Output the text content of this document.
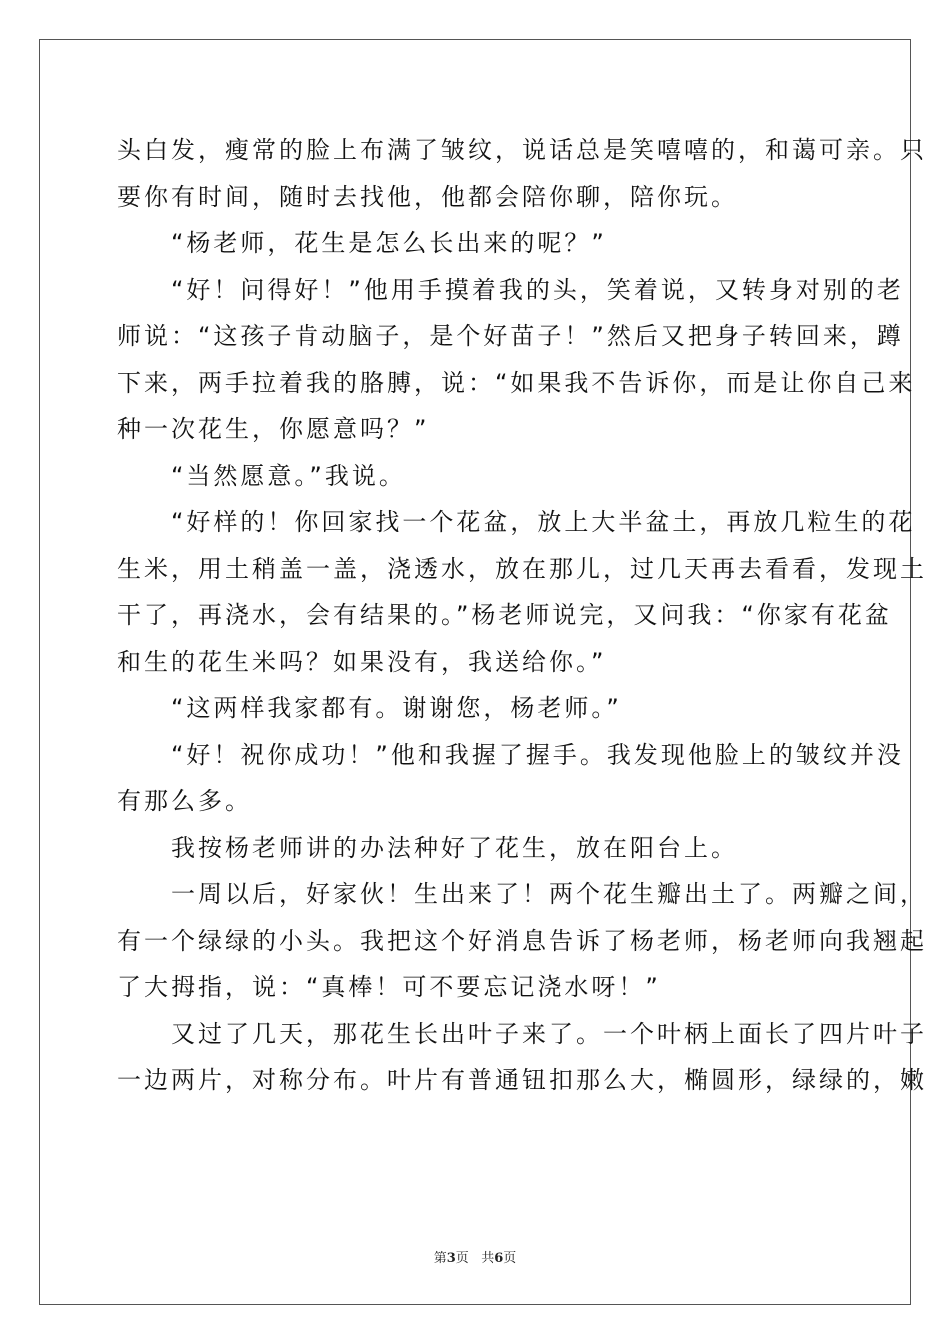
头白发，瘦常的脸上布满了皱纹，说话总是笑嘻嘻的，和蔼可亲。只

要你有时间，随时去找他，他都会陪你聊，陪你玩。

“杨老师，花生是怎么长出来的呢？”

“好！问得好！”他用手摸着我的头，笑着说，又转身对别的老

师说：“这孩子肯动脑子，是个好苗子！”然后又把身子转回来，蹲

下来，两手拉着我的胳膊，说：“如果我不告诉你，而是让你自己来

种一次花生，你愿意吗？”

“当然愿意。”我说。

“好样的！你回家找一个花盆，放上大半盆土，再放几粒生的花

生米，用土稍盖一盖，浇透水，放在那儿，过几天再去看看，发现土

干了，再浇水，会有结果的。”杨老师说完，又问我：“你家有花盆

和生的花生米吗？如果没有，我送给你。”

“这两样我家都有。谢谢您，杨老师。”

“好！祝你成功！”他和我握了握手。我发现他脸上的皱纹并没

有那么多。

我按杨老师讲的办法种好了花生，放在阳台上。

一周以后，好家伙！生出来了！两个花生瓣出土了。两瓣之间，

有一个绿绿的小头。我把这个好消息告诉了杨老师，杨老师向我翘起

了大拇指，说：“真棒！可不要忘记浇水呀！”

又过了几天，那花生长出叶子来了。一个叶柄上面长了四片叶子

一边两片，对称分布。叶片有普通钮扣那么大，椭圆形，绿绿的，嫩

第3页 共6页
